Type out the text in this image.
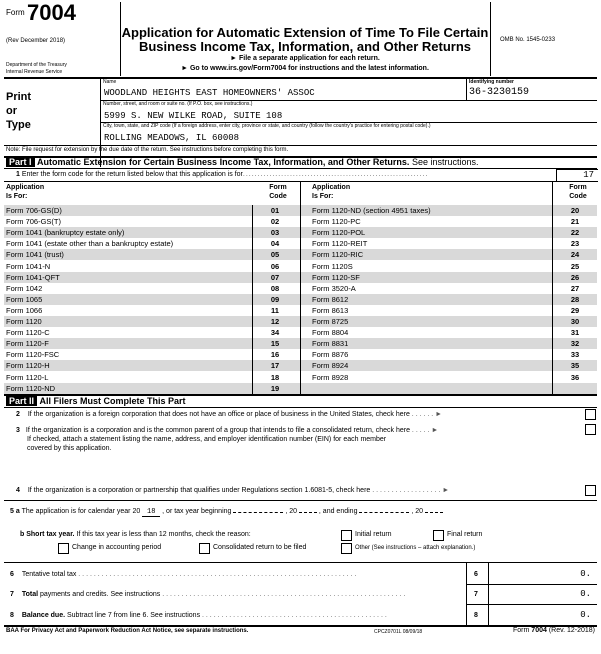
Form 7004
(Rev December 2018)
Department of the Treasury
Internal Revenue Service
Application for Automatic Extension of Time To File Certain
Business Income Tax, Information, and Other Returns
► File a separate application for each return.
► Go to www.irs.gov/Form7004 for instructions and the latest information.
OMB No. 1545-0233
Print
or
Type
Name
WOODLAND HEIGHTS EAST HOMEOWNERS' ASSOC
Identifying number
36-3230159
Number, street, and room or suite no. (If P.O. box, see instructions.)
5999 S. NEW WILKE ROAD, SUITE 108
City, town, state, and ZIP code (If a foreign address, enter city, province or state, and country (follow the country's practice for entering postal code).)
ROLLING MEADOWS, IL 60008
Note: File request for extension by the due date of the return. See instructions before completing this form.
Part I Automatic Extension for Certain Business Income Tax, Information, and Other Returns. See instructions.
1 Enter the form code for the return listed below that this application is for...............................................................	17
Application
Is For:
Form
Code
Application
Is For:
Form
Code
Form 706-GS(D)	01	Form 1120-ND (section 4951 taxes)	20
Form 706-GS(T)	02	Form 1120-PC	21
Form 1041 (bankruptcy estate only)	03	Form 1120-POL	22
Form 1041 (estate other than a bankruptcy estate)	04	Form 1120-REIT	23
Form 1041 (trust)	05	Form 1120-RIC	24
Form 1041-N	06	Form 1120S	25
Form 1041-QFT	07	Form 1120-SF	26
Form 1042	08	Form 3520-A	27
Form 1065	09	Form 8612	28
Form 1066	11	Form 8613	29
Form 1120	12	Form 8725	30
Form 1120-C	34	Form 8804	31
Form 1120-F	15	Form 8831	32
Form 1120-FSC	16	Form 8876	33
Form 1120-H	17	Form 8924	35
Form 1120-L	18	Form 8928	36
Form 1120-ND	19
Part II All Filers Must Complete This Part
2 If the organization is a foreign corporation that does not have an office or place of business in the United States, check here . . . . . . ►
3 If the organization is a corporation and is the common parent of a group that intends to file a consolidated return, check here . . . . . ►
If checked, attach a statement listing the name, address, and employer identification number (EIN) for each member
covered by this application.
4 If the organization is a corporation or partnership that qualifies under Regulations section 1.6081-5, check here . . . . . . . . . . . . . . . . . . ►
5 a The application is for calendar year 20 18 , or tax year beginning	, 20	, and ending	, 20
b Short tax year. If this tax year is less than 12 months, check the reason:	Initial return	Final return
Change in accounting period	Consolidated return to be filed	Other (See instructions – attach explanation.)
6 Tentative total tax . . . . . . . . . . . . . . . . . . . . . . . . . . . . . . . . . . . . . . . . . . . . . . . . . . . . . . . . . . . . . . . . . . . . . . . .	6	0.
7 Total payments and credits. See instructions . . . . . . . . . . . . . . . . . . . . . . . . . . . . . . . . . . . . . . . . . . . . . . . . . . . . . . . . . . . . . . .	7	0.
8 Balance due. Subtract line 7 from line 6. See instructions . . . . . . . . . . . . . . . . . . . . . . . . . . . . . . . . . . . . . . . . . . . . . . . .	8	0.
BAA For Privacy Act and Paperwork Reduction Act Notice, see separate instructions.	CPCZ0701L 08/09/18	Form 7004 (Rev. 12-2018)
